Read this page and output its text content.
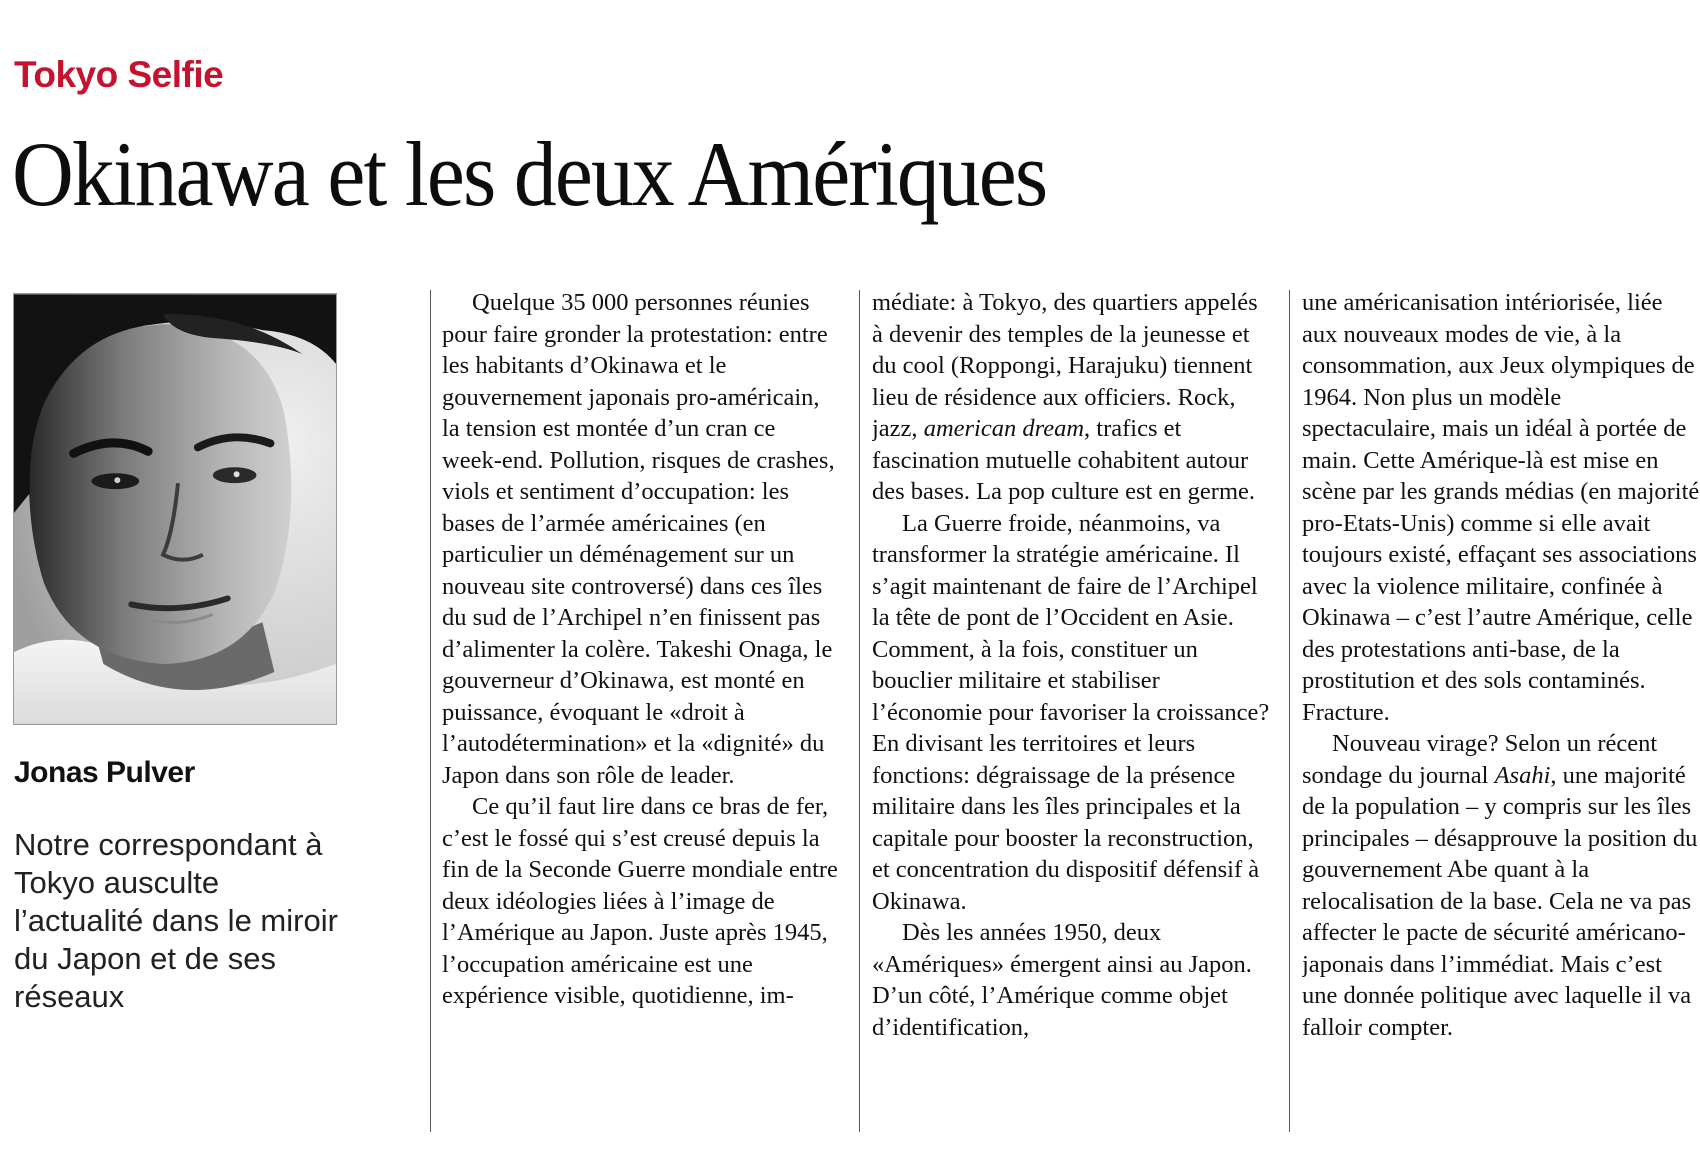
Tokyo Selfie

Okinawa et les deux Amériques

Jonas Pulver

Notre correspondant à Tokyo ausculte l’actualité dans le miroir du Japon et de ses réseaux

Quelque 35 000 personnes réunies pour faire gronder la protestation: entre les habitants d’Okinawa et le gouvernement japonais pro-américain, la tension est montée d’un cran ce week-end. Pollution, risques de crashes, viols et sentiment d’occupation: les bases de l’armée américaines (en particulier un déménagement sur un nouveau site controversé) dans ces îles du sud de l’Archipel n’en finissent pas d’alimenter la colère. Takeshi Onaga, le gouverneur d’Okinawa, est monté en puissance, évoquant le «droit à l’autodétermination» et la «dignité» du Japon dans son rôle de leader.

Ce qu’il faut lire dans ce bras de fer, c’est le fossé qui s’est creusé depuis la fin de la Seconde Guerre mondiale entre deux idéologies liées à l’image de l’Amérique au Japon. Juste après 1945, l’occupation américaine est une expérience visible, quotidienne, im-

médiate: à Tokyo, des quartiers appelés à devenir des temples de la jeunesse et du cool (Roppongi, Harajuku) tiennent lieu de résidence aux officiers. Rock, jazz, american dream, trafics et fascination mutuelle cohabitent autour des bases. La pop culture est en germe.

La Guerre froide, néanmoins, va transformer la stratégie américaine. Il s’agit maintenant de faire de l’Archipel la tête de pont de l’Occident en Asie. Comment, à la fois, constituer un bouclier militaire et stabiliser l’économie pour favoriser la croissance? En divisant les territoires et leurs fonctions: dégraissage de la présence militaire dans les îles principales et la capitale pour booster la reconstruction, et concentration du dispositif défensif à Okinawa.

Dès les années 1950, deux «Amériques» émergent ainsi au Japon. D’un côté, l’Amérique comme objet d’identification,

une américanisation intériorisée, liée aux nouveaux modes de vie, à la consommation, aux Jeux olympiques de 1964. Non plus un modèle spectaculaire, mais un idéal à portée de main. Cette Amérique-là est mise en scène par les grands médias (en majorité pro-Etats-Unis) comme si elle avait toujours existé, effaçant ses associations avec la violence militaire, confinée à Okinawa – c’est l’autre Amérique, celle des protestations anti-base, de la prostitution et des sols contaminés. Fracture.

Nouveau virage? Selon un récent sondage du journal Asahi, une majorité de la population – y compris sur les îles principales – désapprouve la position du gouvernement Abe quant à la relocalisation de la base. Cela ne va pas affecter le pacte de sécurité américano-japonais dans l’immédiat. Mais c’est une donnée politique avec laquelle il va falloir compter.
